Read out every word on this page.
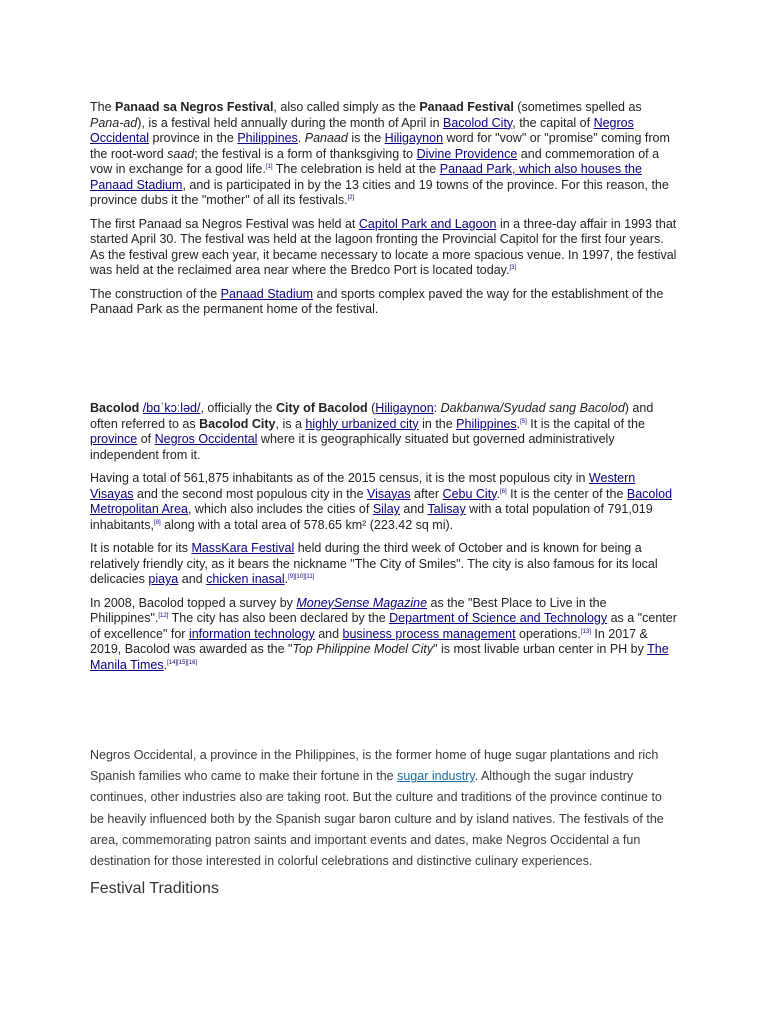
The Panaad sa Negros Festival, also called simply as the Panaad Festival (sometimes spelled as Pana-ad), is a festival held annually during the month of April in Bacolod City, the capital of Negros Occidental province in the Philippines. Panaad is the Hiligaynon word for "vow" or "promise" coming from the root-word saad; the festival is a form of thanksgiving to Divine Providence and commemoration of a vow in exchange for a good life.[1] The celebration is held at the Panaad Park, which also houses the Panaad Stadium, and is participated in by the 13 cities and 19 towns of the province. For this reason, the province dubs it the "mother" of all its festivals.[2]

The first Panaad sa Negros Festival was held at Capitol Park and Lagoon in a three-day affair in 1993 that started April 30. The festival was held at the lagoon fronting the Provincial Capitol for the first four years. As the festival grew each year, it became necessary to locate a more spacious venue. In 1997, the festival was held at the reclaimed area near where the Bredco Port is located today.[3]

The construction of the Panaad Stadium and sports complex paved the way for the establishment of the Panaad Park as the permanent home of the festival.

Bacolod /bɑˈkɔːləd/, officially the City of Bacolod (Hiligaynon: Dakbanwa/Syudad sang Bacolod) and often referred to as Bacolod City, is a highly urbanized city in the Philippines.[5] It is the capital of the province of Negros Occidental where it is geographically situated but governed administratively independent from it.

Having a total of 561,875 inhabitants as of the 2015 census, it is the most populous city in Western Visayas and the second most populous city in the Visayas after Cebu City.[6] It is the center of the Bacolod Metropolitan Area, which also includes the cities of Silay and Talisay with a total population of 791,019 inhabitants,[8] along with a total area of 578.65 km² (223.42 sq mi).

It is notable for its MassKara Festival held during the third week of October and is known for being a relatively friendly city, as it bears the nickname "The City of Smiles". The city is also famous for its local delicacies piaya and chicken inasal.[9][10][11]

In 2008, Bacolod topped a survey by MoneySense Magazine as the "Best Place to Live in the Philippines".[12] The city has also been declared by the Department of Science and Technology as a "center of excellence" for information technology and business process management operations.[13] In 2017 & 2019, Bacolod was awarded as the "Top Philippine Model City" is most livable urban center in PH by The Manila Times.[14][15][16]

Negros Occidental, a province in the Philippines, is the former home of huge sugar plantations and rich Spanish families who came to make their fortune in the sugar industry. Although the sugar industry continues, other industries also are taking root. But the culture and traditions of the province continue to be heavily influenced both by the Spanish sugar baron culture and by island natives. The festivals of the area, commemorating patron saints and important events and dates, make Negros Occidental a fun destination for those interested in colorful celebrations and distinctive culinary experiences.

Festival Traditions
